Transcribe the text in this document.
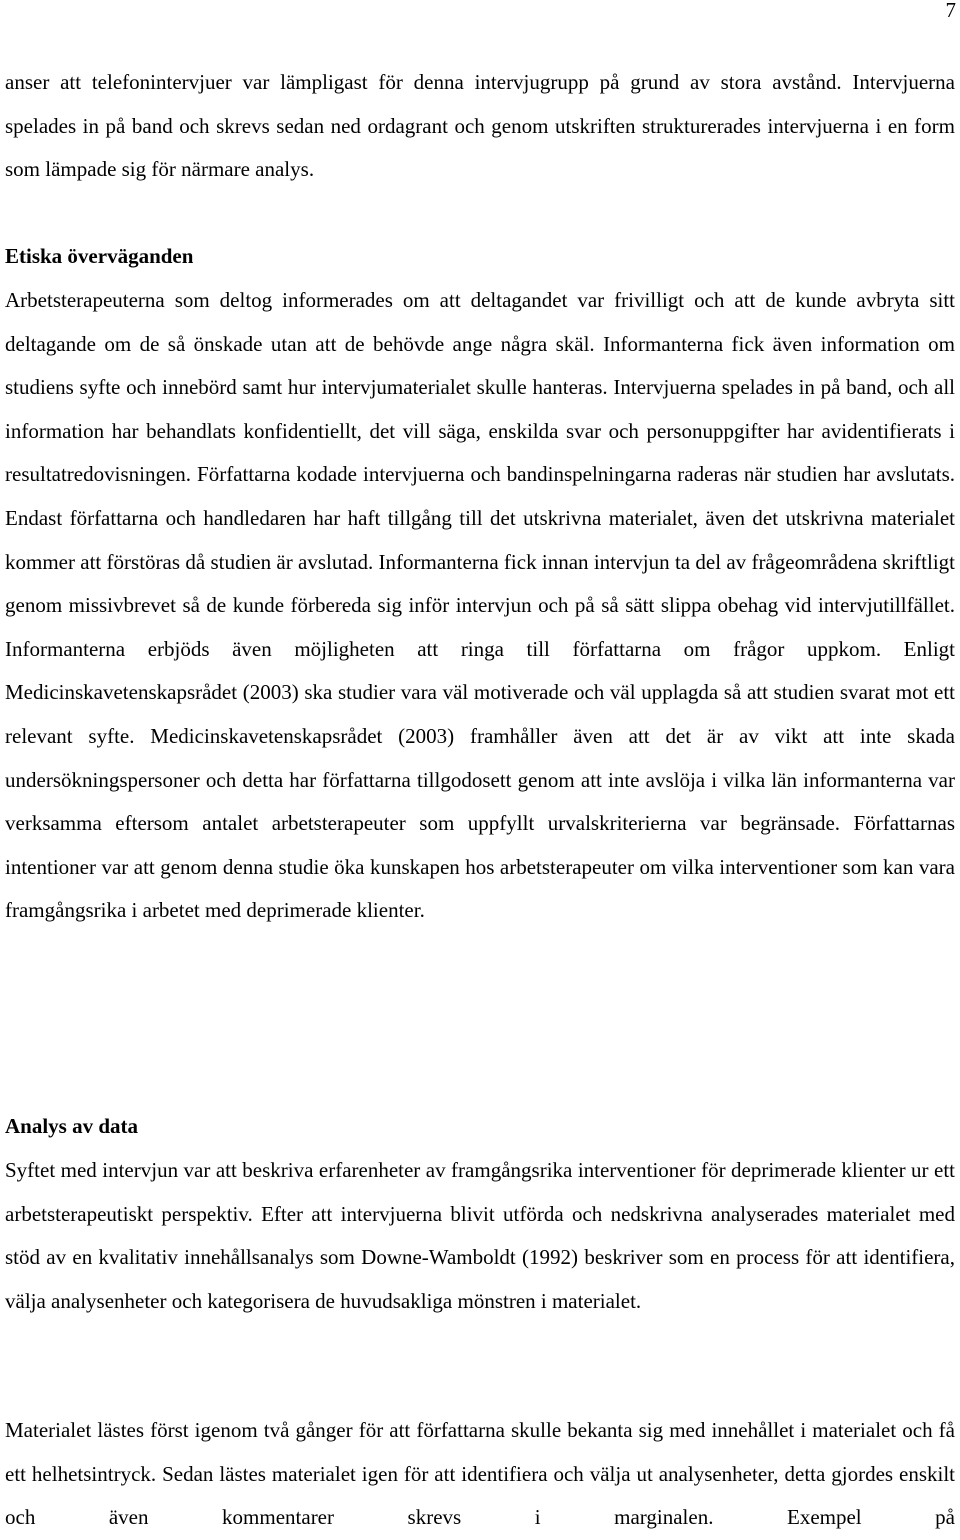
7

anser att telefonintervjuer var lämpligast för denna intervjugrupp på grund av stora avstånd. Intervjuerna spelades in på band och skrevs sedan ned ordagrant och genom utskriften strukturerades intervjuerna i en form som lämpade sig för närmare analys.

Etiska överväganden

Arbetsterapeuterna som deltog informerades om att deltagandet var frivilligt och att de kunde avbryta sitt deltagande om de så önskade utan att de behövde ange några skäl. Informanterna fick även information om studiens syfte och innebörd samt hur intervjumaterialet skulle hanteras. Intervjuerna spelades in på band, och all information har behandlats konfidentiellt, det vill säga, enskilda svar och personuppgifter har avidentifierats i resultatredovisningen. Författarna kodade intervjuerna och bandinspelningarna raderas när studien har avslutats. Endast författarna och handledaren har haft tillgång till det utskrivna materialet, även det utskrivna materialet kommer att förstöras då studien är avslutad. Informanterna fick innan intervjun ta del av frågeområdena skriftligt genom missivbrevet så de kunde förbereda sig inför intervjun och på så sätt slippa obehag vid intervjutillfället. Informanterna erbjöds även möjligheten att ringa till författarna om frågor uppkom. Enligt Medicinskavetenskapsrådet (2003) ska studier vara väl motiverade och väl upplagda så att studien svarat mot ett relevant syfte. Medicinskavetenskapsrådet (2003) framhåller även att det är av vikt att inte skada undersökningspersoner och detta har författarna tillgodosett genom att inte avslöja i vilka län informanterna var verksamma eftersom antalet arbetsterapeuter som uppfyllt urvalskriterierna var begränsade. Författarnas intentioner var att genom denna studie öka kunskapen hos arbetsterapeuter om vilka interventioner som kan vara framgångsrika i arbetet med deprimerade klienter.

Analys av data

Syftet med intervjun var att beskriva erfarenheter av framgångsrika interventioner för deprimerade klienter ur ett arbetsterapeutiskt perspektiv. Efter att intervjuerna blivit utförda och nedskrivna analyserades materialet med stöd av en kvalitativ innehållsanalys som Downe-Wamboldt (1992) beskriver som en process för att identifiera, välja analysenheter och kategorisera de huvudsakliga mönstren i materialet.

Materialet lästes först igenom två gånger för att författarna skulle bekanta sig med innehållet i materialet och få ett helhetsintryck. Sedan lästes materialet igen för att identifiera och välja ut analysenheter, detta gjordes enskilt och även kommentarer skrevs i marginalen. Exempel på
